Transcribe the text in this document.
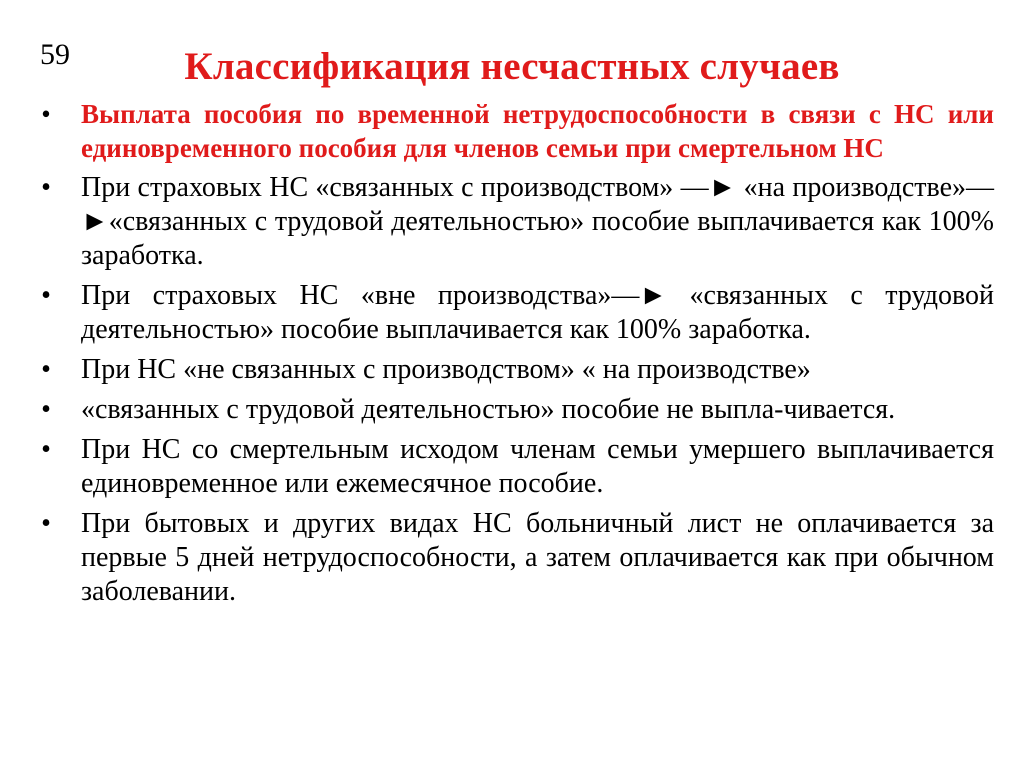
59	Классификация несчастных случаев
• Выплата пособия по временной нетрудоспособности в связи с НС или единовременного пособия для членов семьи при смертельном НС
• При страховых НС «связанных с производством» —► «на производстве»—►«связанных с трудовой деятельностью» пособие выплачивается как 100% заработка.
• При страховых НС «вне производства»—► «связанных с трудовой деятельностью» пособие выплачивается как 100% заработка.
• При НС «не связанных с производством» « на производстве»
• «связанных с трудовой деятельностью» пособие не выпла-чивается.
• При НС со смертельным исходом членам семьи умершего выплачивается единовременное или ежемесячное пособие.
• При бытовых и других видах НС больничный лист не оплачивается за первые 5 дней нетрудоспособности, а затем оплачивается как при обычном заболевании.
